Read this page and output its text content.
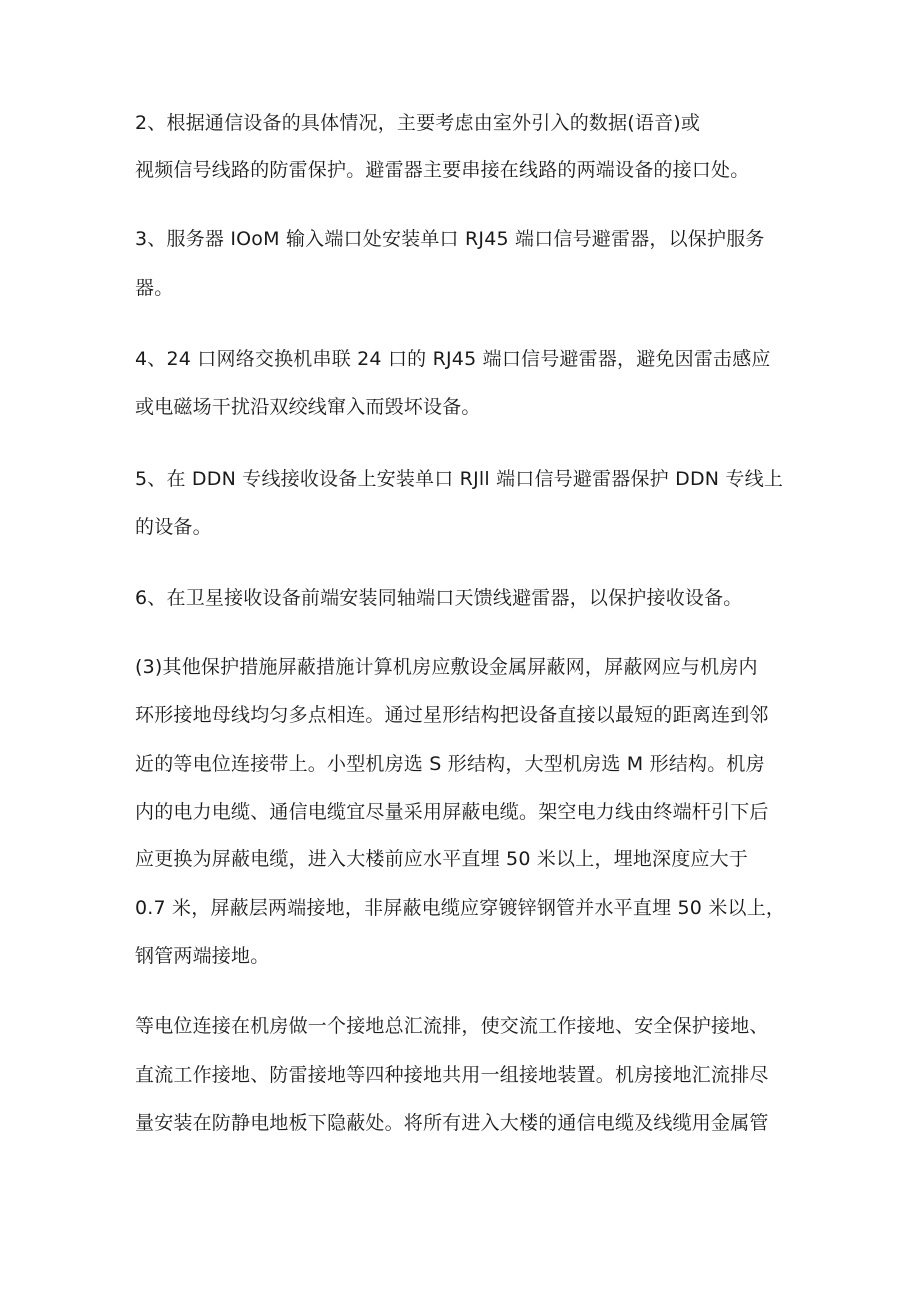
2、根据通信设备的具体情况，主要考虑由室外引入的数据(语音)或
视频信号线路的防雷保护。避雷器主要串接在线路的两端设备的接口处。
3、服务器 IOoM 输入端口处安装单口 RJ45 端口信号避雷器，以保护服务
器。
4、24 口网络交换机串联 24 口的 RJ45 端口信号避雷器，避免因雷击感应
或电磁场干扰沿双绞线窜入而毁坏设备。
5、在 DDN 专线接收设备上安装单口 RJll 端口信号避雷器保护 DDN 专线上
的设备。
6、在卫星接收设备前端安装同轴端口天馈线避雷器，以保护接收设备。
(3)其他保护措施屏蔽措施计算机房应敷设金属屏蔽网，屏蔽网应与机房内
环形接地母线均匀多点相连。通过星形结构把设备直接以最短的距离连到邻
近的等电位连接带上。小型机房选 S 形结构，大型机房选 M 形结构。机房
内的电力电缆、通信电缆宜尽量采用屏蔽电缆。架空电力线由终端杆引下后
应更换为屏蔽电缆，进入大楼前应水平直埋 50 米以上，埋地深度应大于
0.7 米，屏蔽层两端接地，非屏蔽电缆应穿镀锌钢管并水平直埋 50 米以上，
钢管两端接地。
等电位连接在机房做一个接地总汇流排，使交流工作接地、安全保护接地、
直流工作接地、防雷接地等四种接地共用一组接地装置。机房接地汇流排尽
量安装在防静电地板下隐蔽处。将所有进入大楼的通信电缆及线缆用金属管
